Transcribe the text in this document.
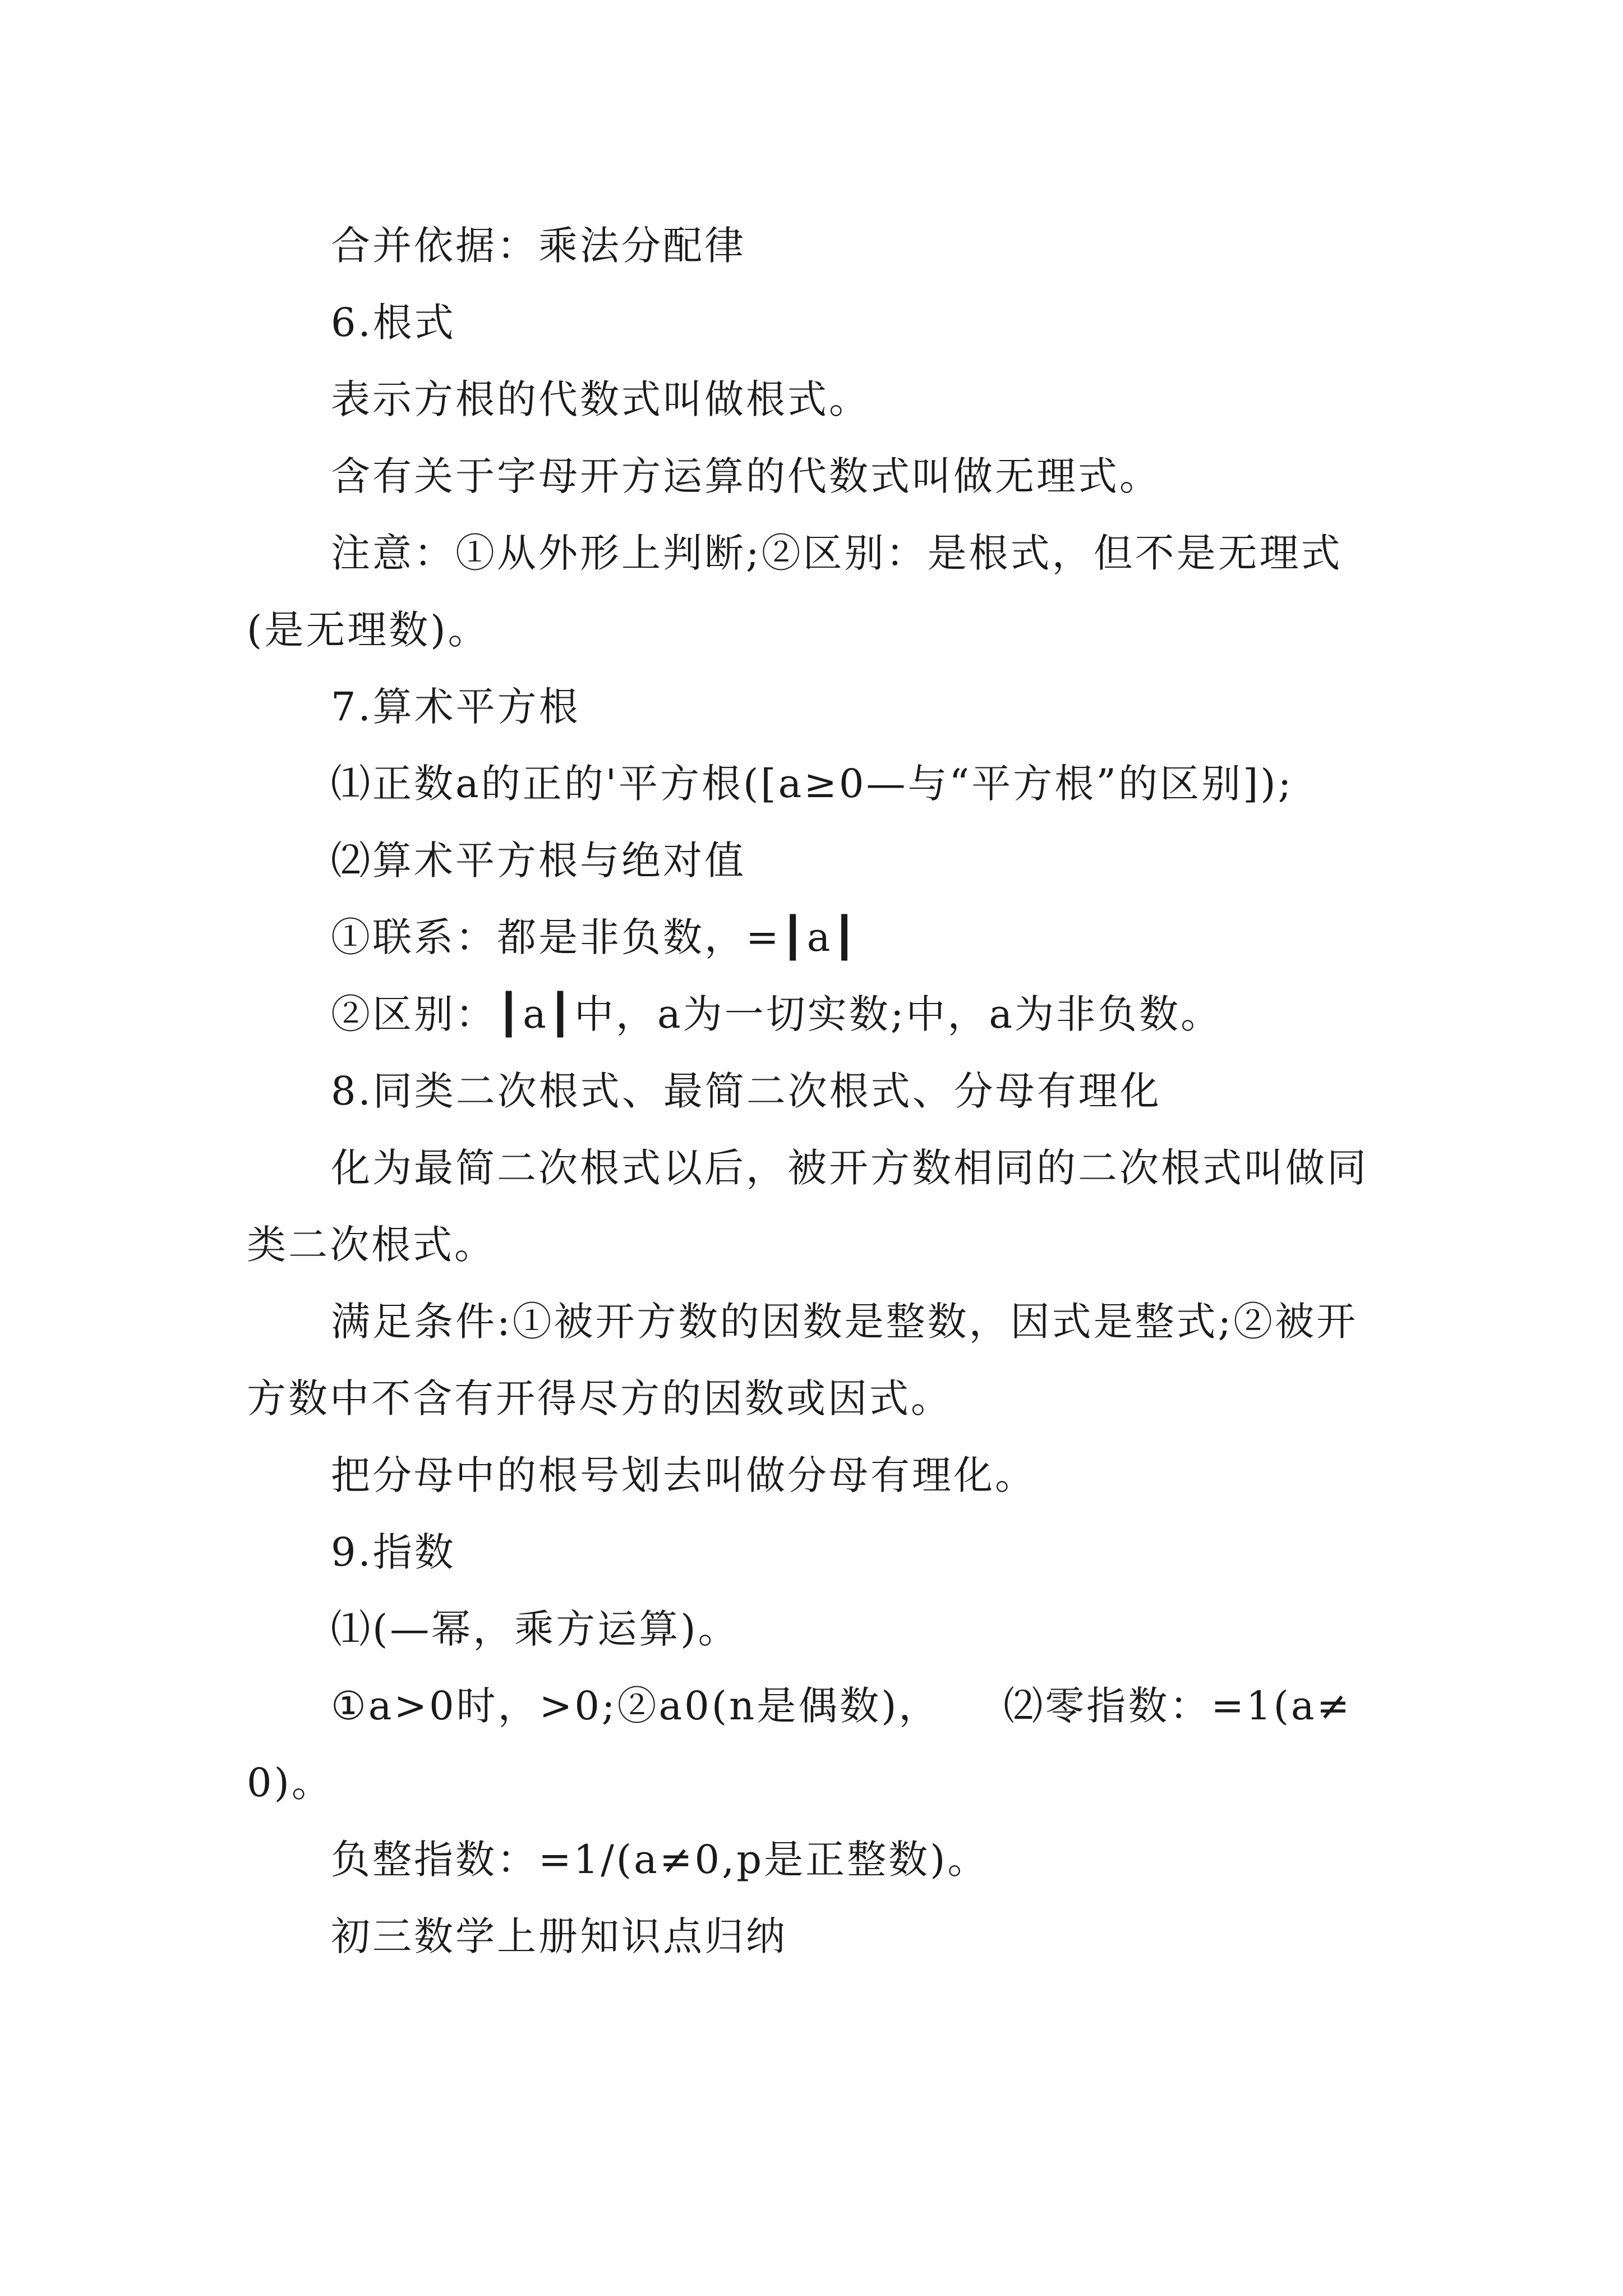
合并依据：乘法分配律

6.根式

表示方根的代数式叫做根式。

含有关于字母开方运算的代数式叫做无理式。

注意：①从外形上判断;②区别：是根式，但不是无理式(是无理数)。

7.算术平方根

⑴正数a的正的'平方根([a≥0—与“平方根”的区别]);

⑵算术平方根与绝对值

①联系：都是非负数，=┃a┃

②区别：┃a┃中，a为一切实数;中，a为非负数。

8.同类二次根式、最简二次根式、分母有理化

化为最简二次根式以后，被开方数相同的二次根式叫做同类二次根式。

满足条件:①被开方数的因数是整数，因式是整式;②被开方数中不含有开得尽方的因数或因式。

把分母中的根号划去叫做分母有理化。

9.指数

⑴(—幂，乘方运算)。

①a>0时，>0;②a0(n是偶数)，　　⑵零指数：=1(a≠0)。

负整指数：=1/(a≠0,p是正整数)。

初三数学上册知识点归纳
